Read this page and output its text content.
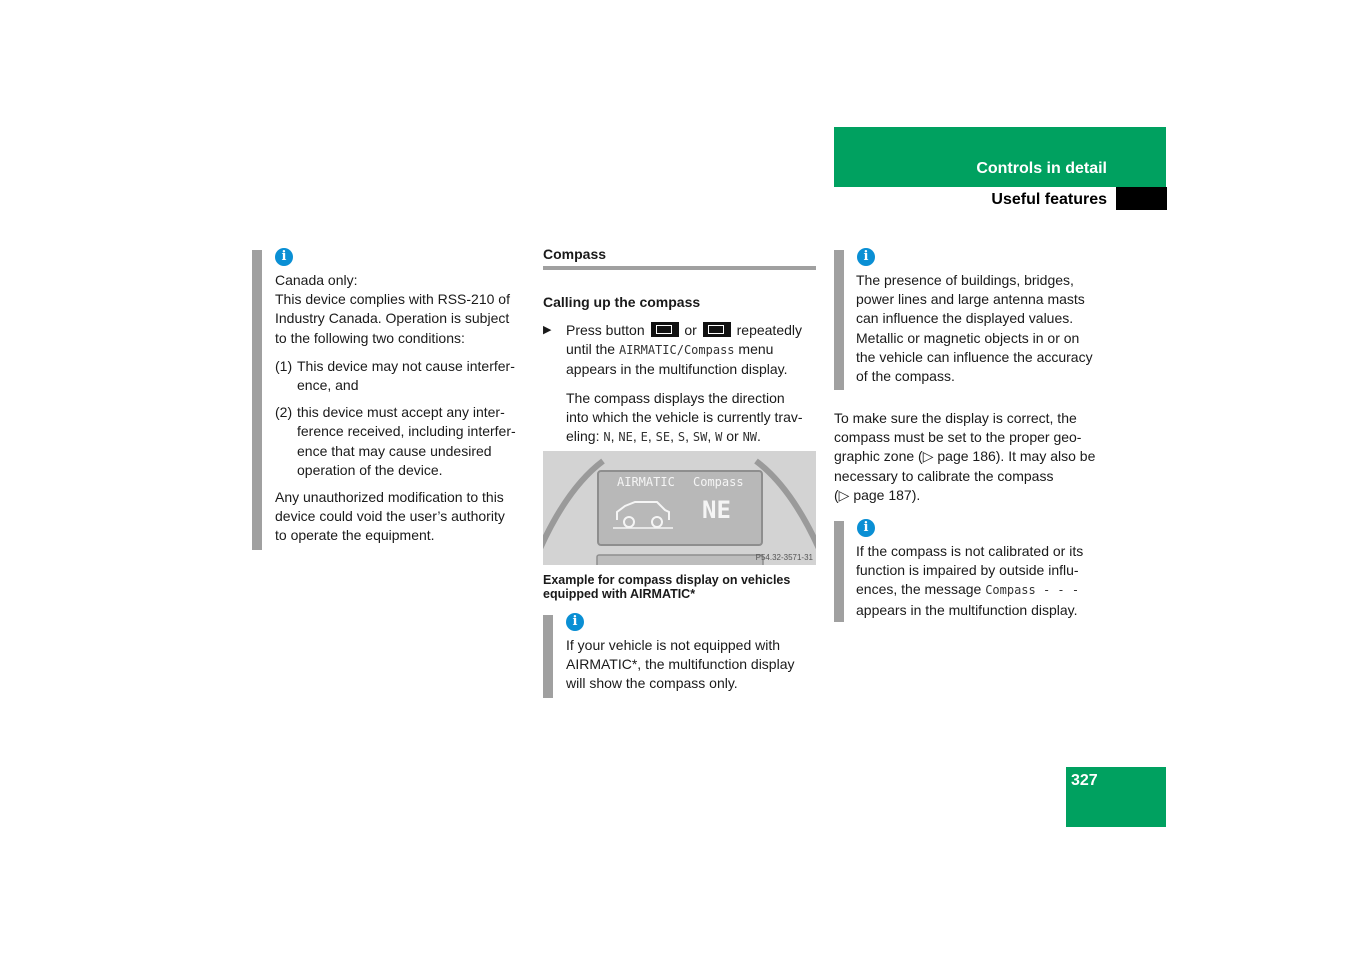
Controls in detail
Useful features
i
Canada only:
This device complies with RSS-210 of
Industry Canada. Operation is subject
to the following two conditions:
(1) This device may not cause interfer-
ence, and
(2) this device must accept any inter-
ference received, including interfer-
ence that may cause undesired
operation of the device.
Any unauthorized modification to this
device could void the user’s authority
to operate the equipment.
Compass
Calling up the compass
▶ Press button	or	repeatedly
until the AIRMATIC/Compass menu
appears in the multifunction display.
The compass displays the direction
into which the vehicle is currently trav-
eling: N, NE, E, SE, S, SW, W or NW.
AIRMATIC Compass
NE
P54.32-3571-31
Example for compass display on vehicles
equipped with AIRMATIC*
i
If your vehicle is not equipped with
AIRMATIC*, the multifunction display
will show the compass only.
i
The presence of buildings, bridges,
power lines and large antenna masts
can influence the displayed values.
Metallic or magnetic objects in or on
the vehicle can influence the accuracy
of the compass.
To make sure the display is correct, the
compass must be set to the proper geo-
graphic zone (▷ page 186). It may also be
necessary to calibrate the compass
(▷ page 187).
i
If the compass is not calibrated or its
function is impaired by outside influ-
ences, the message Compass - - -
appears in the multifunction display.
327
